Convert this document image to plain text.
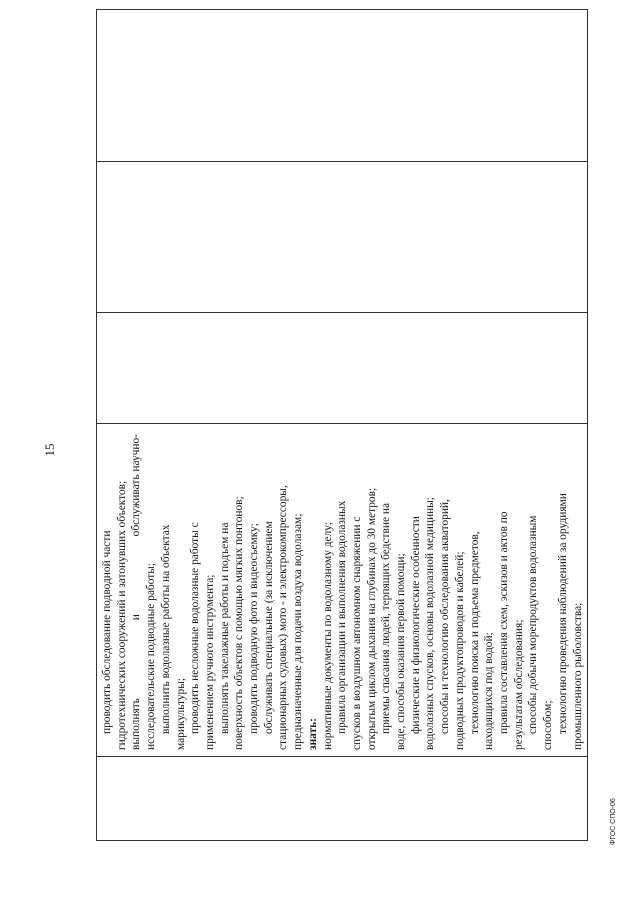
15

проводить обследование подводной части гидротехнических сооружений и затонувших объектов; выполнять
и
обслуживать научно-
исследовательские подводные работы; выполнить водолазные работы на объектах марикультуры; проводить несложные водолазные работы с применением ручного инструмента; выполнять такелажные работы и подъем на поверхность объектов с помощью мягких понтонов; проводить подводную фото и видеосъемку; обслуживать специальные (за исключением стационарных судовых) мото - и электрокомпрессоры, предназначенные для подачи воздуха водолазам; знать: нормативные документы по водолазному делу; правила организации и выполнения водолазных спусков в воздушном автономном снаряжении с открытым циклом дыхания на глубинах до 30 метров; приемы спасания людей, терпящих бедствие на воде, способы оказания первой помощи; физические и физиологические особенности водолазных спусков, основы водолазной медицины; способы и технологию обследования акваторий, подводных продуктопроводов и кабелей; технологию поиска и подъема предметов, находящихся под водой; правила составления схем, эскизов и актов по результатам обследования; способы добычи морепродуктов водолазным способом; технологию проведения наблюдений за орудиями промышленного рыболовства;

ФГОС СПО-06
